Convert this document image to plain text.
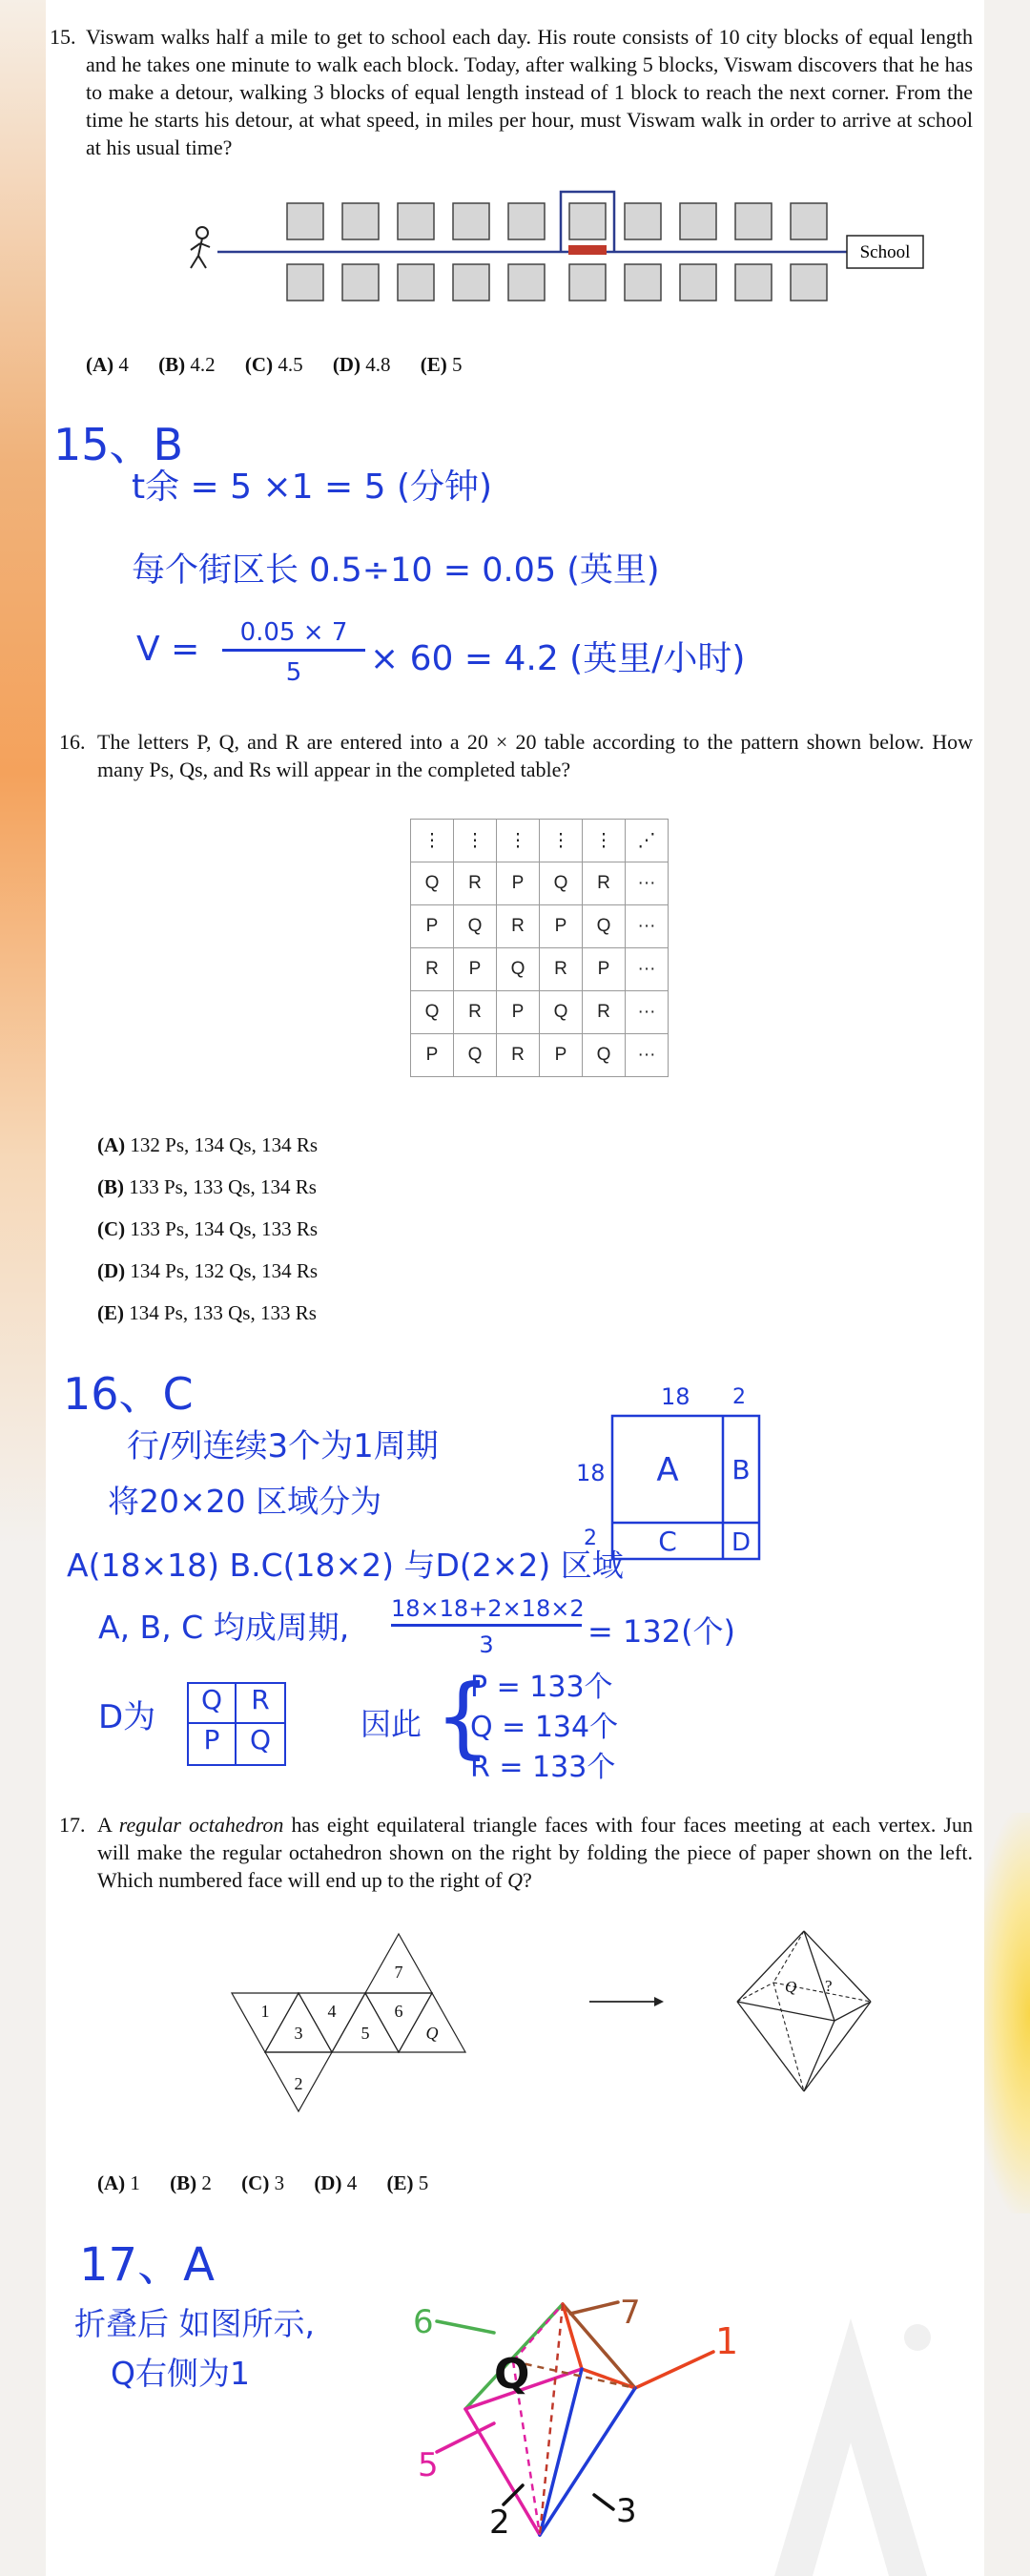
15. Viswam walks half a mile to get to school each day. His route consists of 10 city blocks of equal length and he takes one minute to walk each block. Today, after walking 5 blocks, Viswam discovers that he has to make a detour, walking 3 blocks of equal length instead of 1 block to reach the next corner. From the time he starts his detour, at what speed, in miles per hour, must Viswam walk in order to arrive at school at his usual time?
School
(A) 4 (B) 4.2 (C) 4.5 (D) 4.8 (E) 5
15、B
t余 = 5 ×1 = 5 (分钟)
每个街区长 0.5÷10 = 0.05 (英里)
V =	0.05 × 7
5	× 60 = 4.2 (英里/小时)
16. The letters P, Q, and R are entered into a 20 × 20 table according to the pattern shown below. How many Ps, Qs, and Rs will appear in the completed table?
⋮	⋮	⋮	⋮	⋮	⋰
Q	R	P	Q	R	···
P	Q	R	P	Q	···
R	P	Q	R	P	···
Q	R	P	Q	R	···
P	Q	R	P	Q	···
(A) 132 Ps, 134 Qs, 134 Rs
(B) 133 Ps, 133 Qs, 134 Rs
(C) 133 Ps, 134 Qs, 133 Rs
(D) 134 Ps, 132 Qs, 134 Rs
(E) 134 Ps, 133 Qs, 133 Rs
16、C
行/列连续3个为1周期
将20×20 区域分为
A(18×18) B.C(18×2) 与D(2×2) 区域
A, B, C 均成周期, 18×18+2×18×2
3	= 132(个)
D为	Q	R
P	Q	因此 {
P = 133个
Q = 134个
R = 133个
18 2
18
2
A B
C D
17. A regular octahedron has eight equilateral triangle faces with four faces meeting at each vertex. Jun will make the regular octahedron shown on the right by folding the piece of paper shown on the left. Which numbered face will end up to the right of Q?
1
2
3
4
5
6
7
Q
Q ?
(A) 1 (B) 2 (C) 3 (D) 4 (E) 5
17、A
折叠后 如图所示,
Q右侧为1	Q
6	7
1
5
2	3
